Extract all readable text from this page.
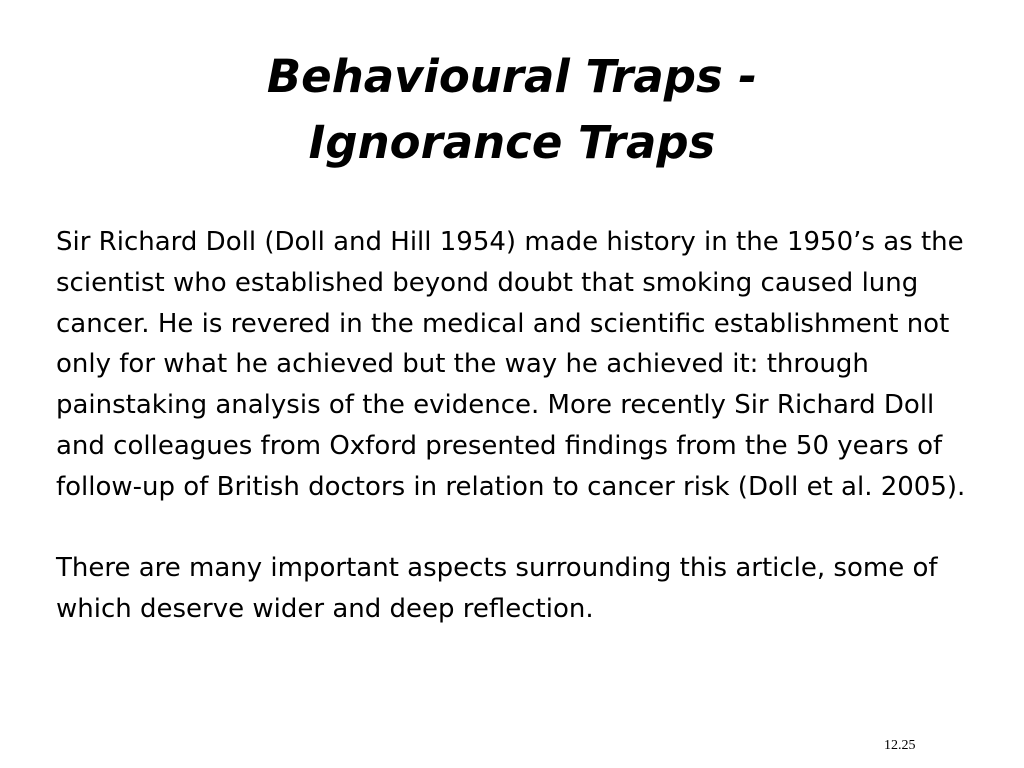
Behavioural Traps -
Ignorance Traps

Sir Richard Doll (Doll and Hill 1954) made history in the 1950’s as the scientist who established beyond doubt that smoking caused lung cancer. He is revered in the medical and scientific establishment not only for what he achieved but the way he achieved it: through painstaking analysis of the evidence. More recently Sir Richard Doll and colleagues from Oxford presented findings from the 50 years of follow-up of British doctors in relation to cancer risk (Doll et al. 2005).

There are many important aspects surrounding this article, some of which deserve wider and deep reflection.

12.25
